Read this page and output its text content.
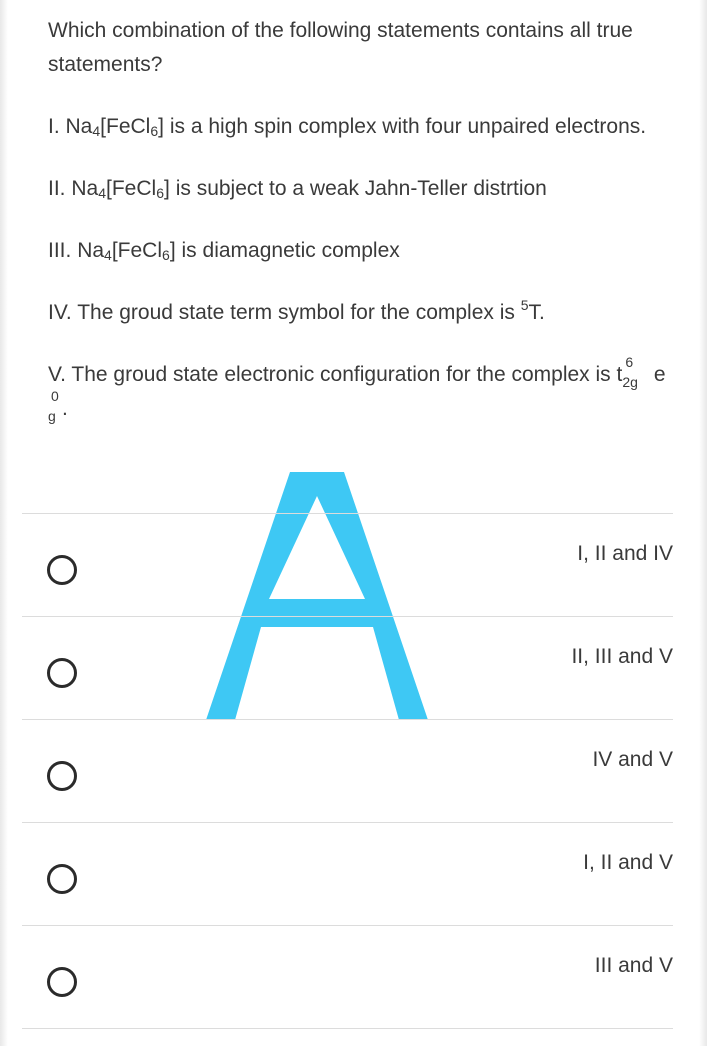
Which combination of the following statements contains all true statements?

I. $Na_4[FeCl_6]$ is a high spin complex with four unpaired electrons.

II. $Na_4[FeCl_6]$ is subject to a weak Jahn-Teller distrtion

III. $Na_4[FeCl_6]$ is diamagnetic complex

IV. The groud state term symbol for the complex is $^5$T.

V. The groud state electronic configuration for the complex is t
6
2g e
0
g .

I, II and IV
II, III and V
IV and V
I, II and V
III and V
